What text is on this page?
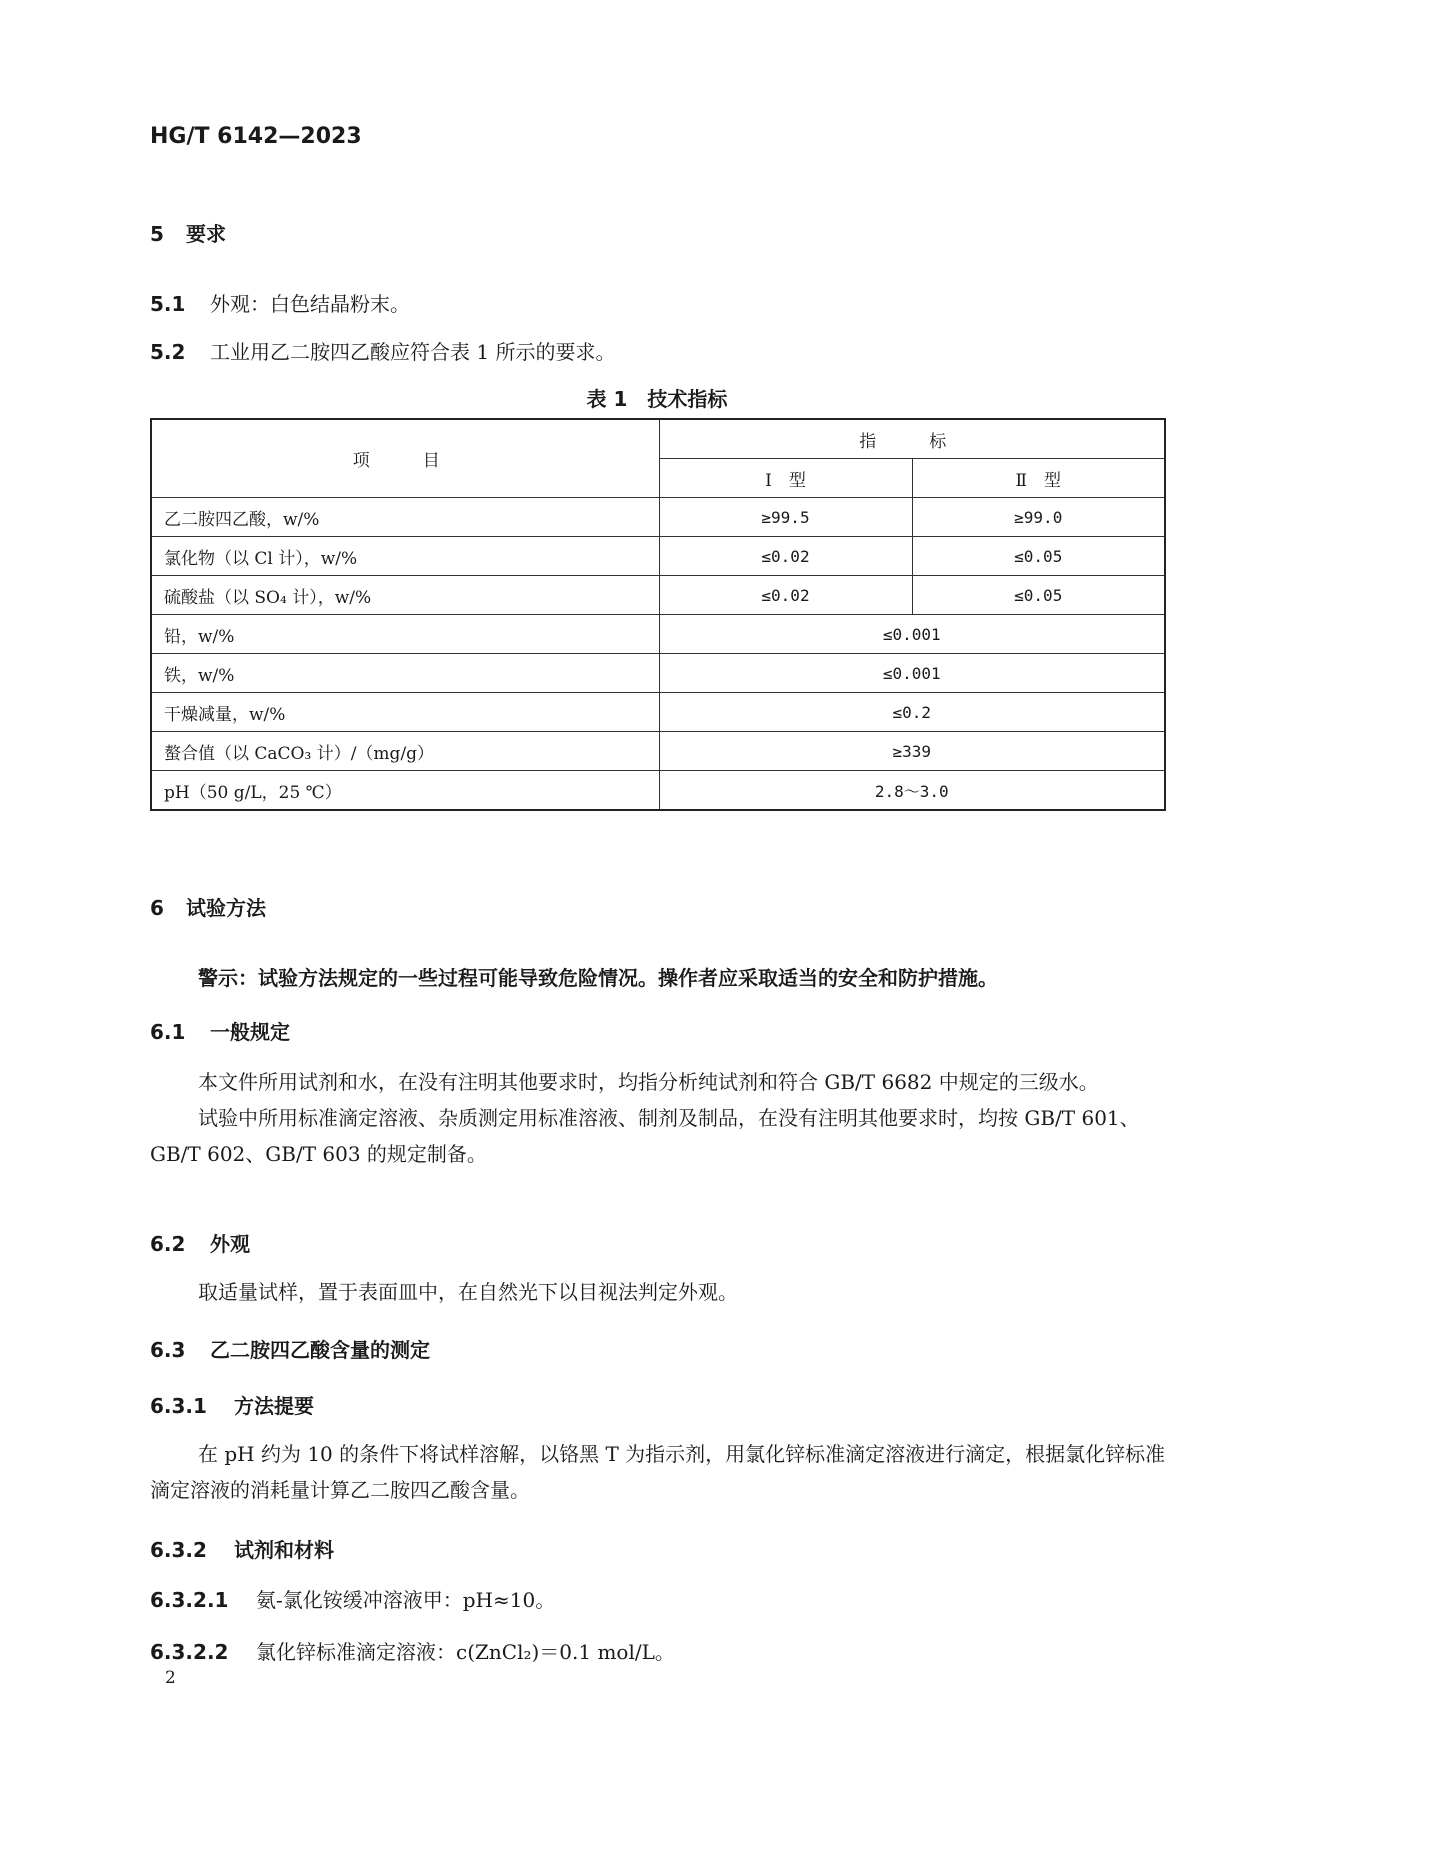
HG/T 6142—2023
5 要求
5.1 外观：白色结晶粉末。
5.2 工业用乙二胺四乙酸应符合表 1 所示的要求。
表 1　技术指标
项　目	指　标	
	Ⅰ　型	Ⅱ　型
乙二胺四乙酸，w/%	≥99.5	≥99.0
氯化物（以 Cl 计），w/%	≤0.02	≤0.05
硫酸盐（以 SO₄ 计），w/%	≤0.02	≤0.05
铅，w/%	≤0.001	
铁，w/%	≤0.001	
干燥减量，w/%	≤0.2	
螯合值（以 CaCO₃ 计）/（mg/g）	≥339	
pH（50 g/L，25 ℃）	2.8～3.0	
6 试验方法
警示：试验方法规定的一些过程可能导致危险情况。操作者应采取适当的安全和防护措施。
6.1 一般规定

本文件所用试剂和水，在没有注明其他要求时，均指分析纯试剂和符合 GB/T 6682 中规定的三级水。

试验中所用标准滴定溶液、杂质测定用标准溶液、制剂及制品，在没有注明其他要求时，均按 GB/T 601、GB/T 602、GB/T 603 的规定制备。

6.2 外观

取适量试样，置于表面皿中，在自然光下以目视法判定外观。

6.3 乙二胺四乙酸含量的测定
6.3.1 方法提要

在 pH 约为 10 的条件下将试样溶解，以铬黑 T 为指示剂，用氯化锌标准滴定溶液进行滴定，根据氯化锌标准滴定溶液的消耗量计算乙二胺四乙酸含量。

6.3.2 试剂和材料
6.3.2.1 氨-氯化铵缓冲溶液甲：pH≈10。
6.3.2.2 氯化锌标准滴定溶液：c(ZnCl₂)＝0.1 mol/L。
2
